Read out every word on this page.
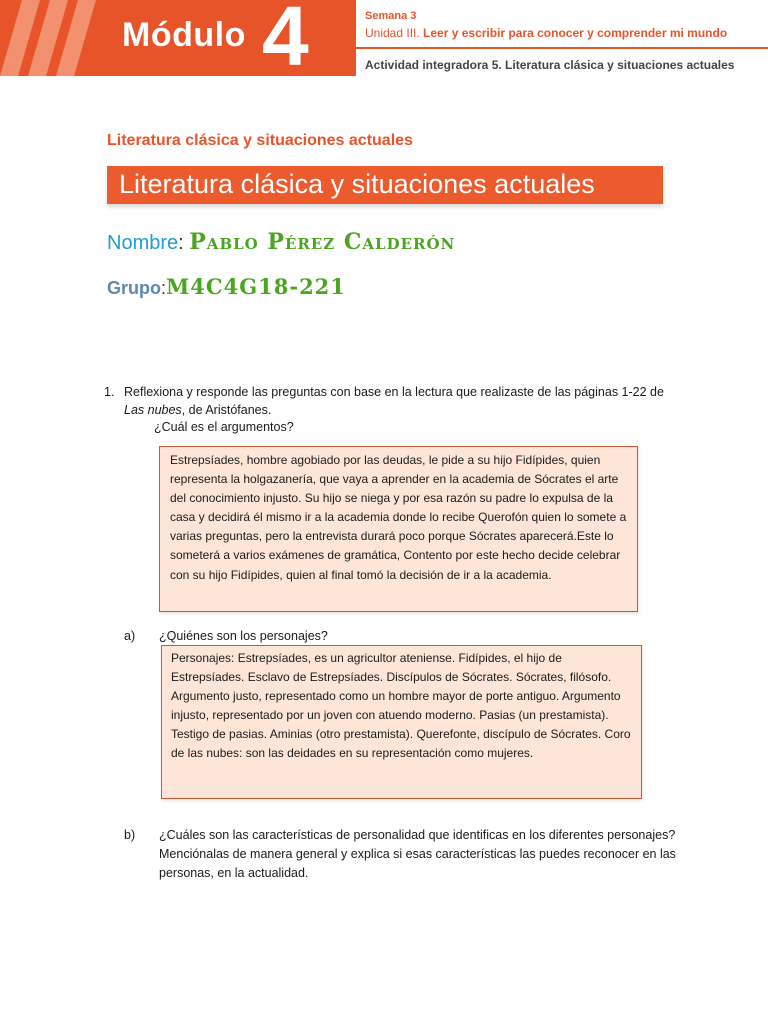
Módulo 4	Semana 3
Unidad III. Leer y escribir para conocer y comprender mi mundo
Actividad integradora 5. Literatura clásica y situaciones actuales
Literatura clásica y situaciones actuales
Literatura clásica y situaciones actuales
Nombre: Pablo Pérez Calderón
Grupo:M4C4G18-221
1. Reflexiona y responde las preguntas con base en la lectura que realizaste de las páginas 1-22 de
Las nubes, de Aristófanes.
¿Cuál es el argumentos?
Estrepsíades, hombre agobiado por las deudas, le pide a su hijo Fidípides, quien representa la holgazanería, que vaya a aprender en la academia de Sócrates el arte del conocimiento injusto. Su hijo se niega y por esa razón su padre lo expulsa de la casa y decidirá él mismo ir a la academia donde lo recibe Querofón quien lo somete a varias preguntas, pero la entrevista durará poco porque Sócrates aparecerá.Este lo someterá a varios exámenes de gramática, Contento por este hecho decide celebrar con su hijo Fidípides, quien al final tomó la decisión de ir a la academia.
a) ¿Quiénes son los personajes?
Personajes: Estrepsíades, es un agricultor ateniense. Fidípides, el hijo de Estrepsíades. Esclavo de Estrepsíades. Discípulos de Sócrates. Sócrates, filósofo. Argumento justo, representado como un hombre mayor de porte antiguo. Argumento injusto, representado por un joven con atuendo moderno. Pasias (un prestamista). Testigo de pasias. Aminias (otro prestamista). Querefonte, discípulo de Sócrates. Coro de las nubes: son las deidades en su representación como mujeres.
b) ¿Cuáles son las características de personalidad que identificas en los diferentes personajes? Menciónalas de manera general y explica si esas características las puedes reconocer en las personas, en la actualidad.
